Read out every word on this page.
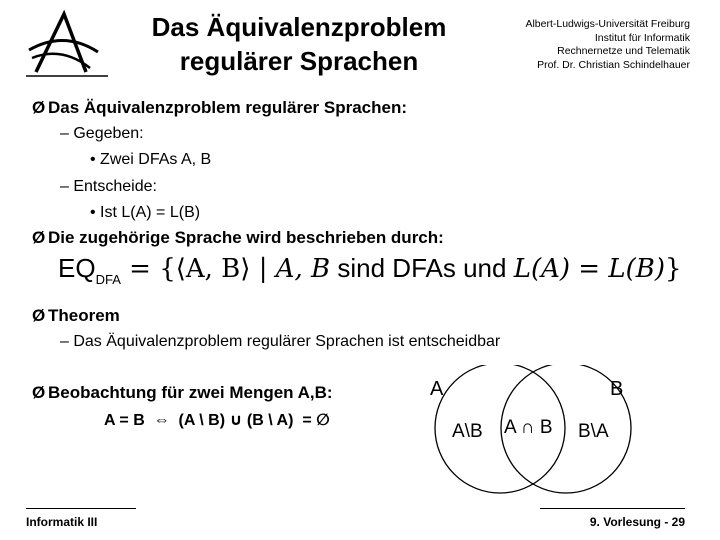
Das Äquivalenzproblem
regulärer Sprachen
Albert-Ludwigs-Universität Freiburg
Institut für Informatik
Rechnernetze und Telematik
Prof. Dr. Christian Schindelhauer
Ø Das Äquivalenzproblem regulärer Sprachen:
– Gegeben:
• Zwei DFAs A, B
– Entscheide:
• Ist L(A) = L(B)
Ø Die zugehörige Sprache wird beschrieben durch:
$EQ_{DFA}$ = {⟨A, B⟩ | A, B sind DFAs und L(A) = L(B)}
Ø Theorem
– Das Äquivalenzproblem regulärer Sprachen ist entscheidbar
Ø Beobachtung für zwei Mengen A,B:
A = B  ⇔  (A \ B) ∪ (B \ A)  = ∅
A	B
A\B A ∩ B B\A
Informatik III	9. Vorlesung - 29
